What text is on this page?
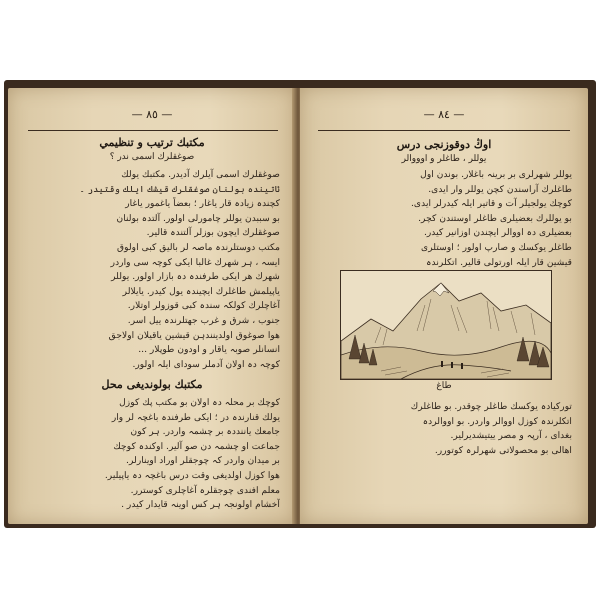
— ٨٥ —
مكتبك ترتيب و تنظيمي
صوغقلرك اسمى ندر ؟
صوغقلرك اسمى آيلرك آدیدر. مكتبك يولك
ئاتيندہ بولنان صوغقلرك قيشك ایلك وقتيدر ۔
كچندہ زيادہ قار ياغار ؛ بعضاً ياغمور ياغار
بو سببدن یوللر چامورلی اولور. آلتدہ بولنان
صوغقلرك ایچون بوزلر آلتندہ قالير.
مكتب دوستلرندہ ماصہ لر باليق كبی اولوق
ایسہ ، ہر شهرك غالبا ایکی کوچہ سی واردر
شهرك هر ایکی طرفندہ دہ بازار اولور. یوللر
ياپيلمش طاغلرك ایچيندہ یول کيدر. يايلالر
آغاچلرك كولكہ سندہ كبی قوزولر اوتلار.
جنوب ، شرق و غرب جهتلرندہ ييل اسر.
هوا صوغوق اولدينندہن قيشين ياقيلان اولاجق
انسانلر صوبہ ياقار و اودون طوپلار ...
كوچہ دہ اولان آدملر سودای ايلہ اولور.
مكتبك بولوندیغی محل
كوچك بر محلہ دہ اولان بو مكتب پك كوزل
يولك قنارندہ در ؛ ايكی طرفندہ باغچہ لر وار
جامعك ياننددہ بر چشمہ واردر. ہر كون
جماعت او چشمہ دن صو آلير. اوكندہ كوچك
بر ميدان واردر كہ چوجقلر اوراد اوينارلر.
هوا کوزل اولدیغی وقت درس باغچہ دہ یاپيلير.
معلم افندی چوجقلرہ آغاچلری كوسترر.
آخشام اولونجہ ہر كس اوينہ قايدار كيدر .
— ٨٤ —
اوڭ دوقوزنجی درس
يوللر ، طاغلر و اوووالر
يوللر شهرلری بر برينہ باغلار. بوندن اول
طاغلرك آراسندن کچن يوللر وار ايدی.
كوچك يولجيلر آت و قاتير ايلہ کيدرلر ايدی.
بو يوللرك بعضيلری طاغلر اوستندن کچر.
بعضيلری دہ اووالر ایچندن اوزانیر کيدر.
طاغلر یوکسك و صارپ اولور ؛ اوستلری
قيشين قار ايلہ اورتولی قالير. اتکلرندہ
طاغ
تورکیادہ یوکسك طاغلر چوقدر. بو طاغلرك
اتکلرندہ کوزل اووالر واردر. بو اووالردہ
بغدای ، آرپہ و مصر ییتیشدیرلیر.
اهالی بو محصولاتی شهرلرہ کوتورر.
